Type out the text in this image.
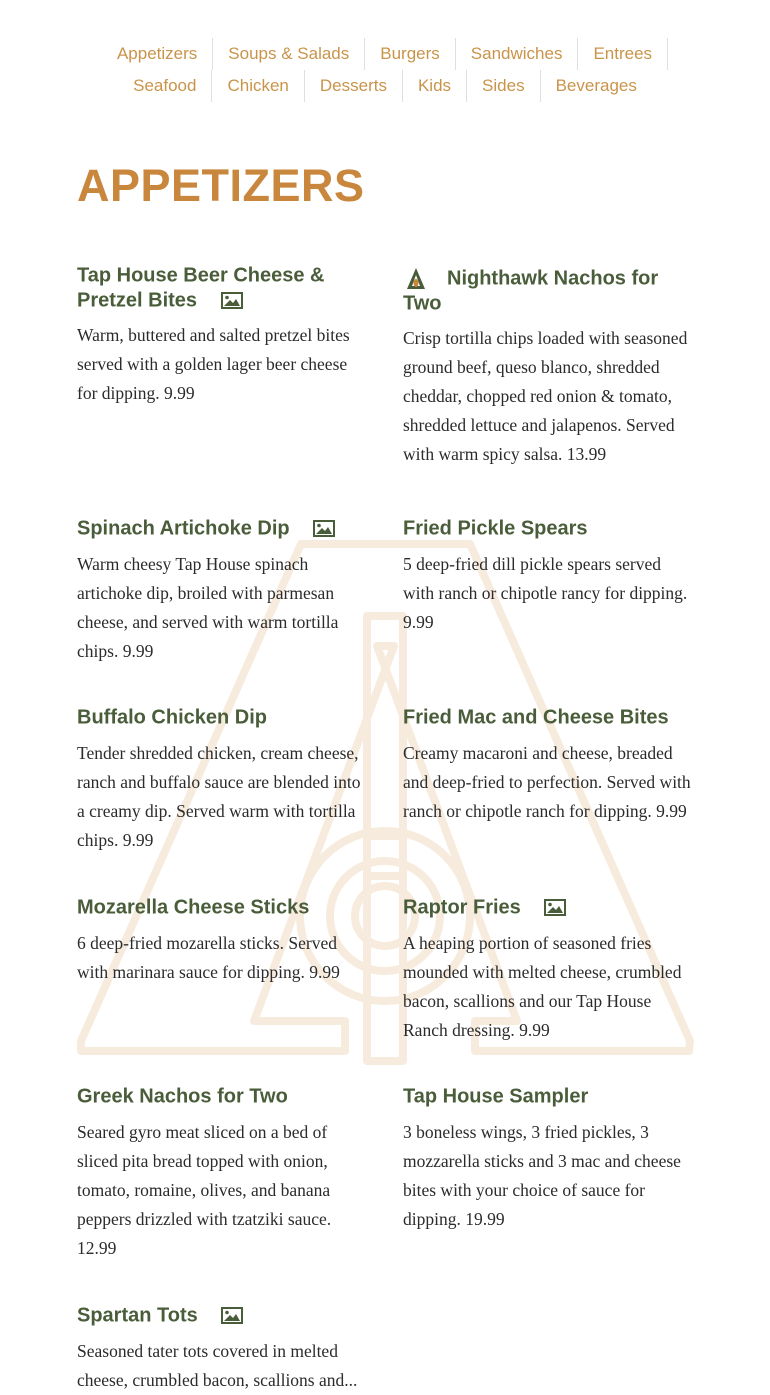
Appetizers	Soups & Salads	Burgers	Sandwiches	Entrees
Seafood	Chicken	Desserts	Kids	Sides	Beverages
APPETIZERS
Tap House Beer Cheese & Pretzel Bites
Warm, buttered and salted pretzel bites served with a golden lager beer cheese for dipping. 9.99
Nighthawk Nachos for Two
Crisp tortilla chips loaded with seasoned ground beef, queso blanco, shredded cheddar, chopped red onion & tomato, shredded lettuce and jalapenos. Served with warm spicy salsa. 13.99
Spinach Artichoke Dip
Warm cheesy Tap House spinach artichoke dip, broiled with parmesan cheese, and served with warm tortilla chips. 9.99
Fried Pickle Spears
5 deep-fried dill pickle spears served with ranch or chipotle rancy for dipping. 9.99
Buffalo Chicken Dip
Tender shredded chicken, cream cheese, ranch and buffalo sauce are blended into a creamy dip. Served warm with tortilla chips. 9.99
Fried Mac and Cheese Bites
Creamy macaroni and cheese, breaded and deep-fried to perfection. Served with ranch or chipotle ranch for dipping. 9.99
Mozarella Cheese Sticks
6 deep-fried mozarella sticks. Served with marinara sauce for dipping. 9.99
Raptor Fries
A heaping portion of seasoned fries mounded with melted cheese, crumbled bacon, scallions and our Tap House Ranch dressing. 9.99
Greek Nachos for Two
Seared gyro meat sliced on a bed of sliced pita bread topped with onion, tomato, romaine, olives, and banana peppers drizzled with tzatziki sauce. 12.99
Tap House Sampler
3 boneless wings, 3 fried pickles, 3 mozzarella sticks and 3 mac and cheese bites with your choice of sauce for dipping. 19.99
Spartan Tots
Seasoned tater tots covered in melted cheese, crumbled bacon, scallions and...
